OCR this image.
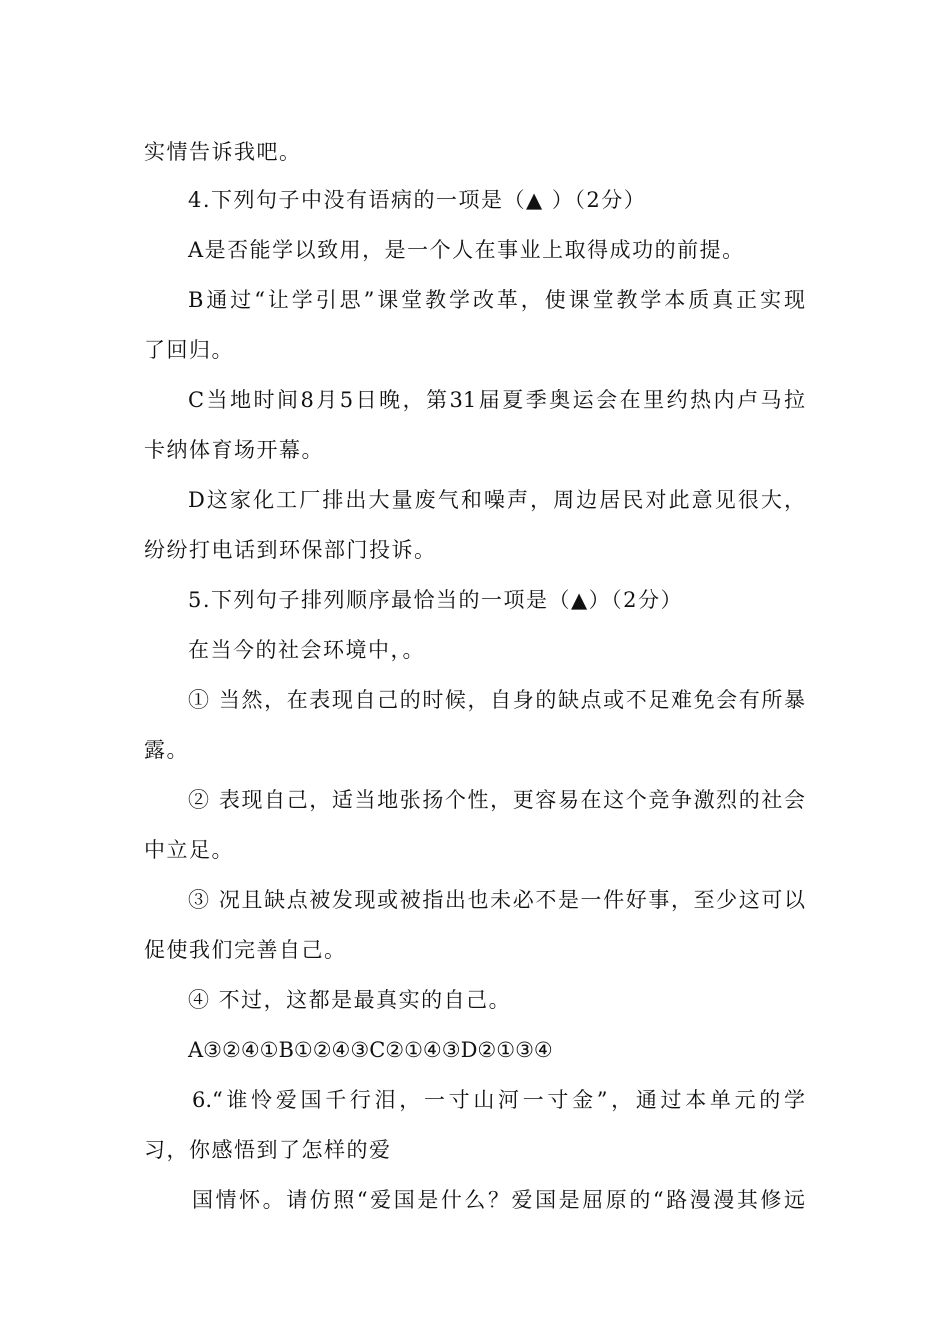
实情告诉我吧。
4.下列句子中没有语病的一项是（▲ ）（2分）
A是否能学以致用，是一个人在事业上取得成功的前提。
B通过“让学引思”课堂教学改革，使课堂教学本质真正实现
了回归。
C当地时间8月5日晚，第31届夏季奥运会在里约热内卢马拉
卡纳体育场开幕。
D这家化工厂排出大量废气和噪声，周边居民对此意见很大，
纷纷打电话到环保部门投诉。
5.下列句子排列顺序最恰当的一项是（▲）（2分）
在当今的社会环境中，。
① 当然，在表现自己的时候，自身的缺点或不足难免会有所暴
露。
② 表现自己，适当地张扬个性，更容易在这个竞争激烈的社会
中立足。
③ 况且缺点被发现或被指出也未必不是一件好事，至少这可以
促使我们完善自己。
④ 不过，这都是最真实的自己。
A③②④①B①②④③C②①④③D②①③④
6.“谁怜爱国千行泪，一寸山河一寸金”，通过本单元的学
习，你感悟到了怎样的爱
国情怀。请仿照“爱国是什么？爱国是屈原的“路漫漫其修远
